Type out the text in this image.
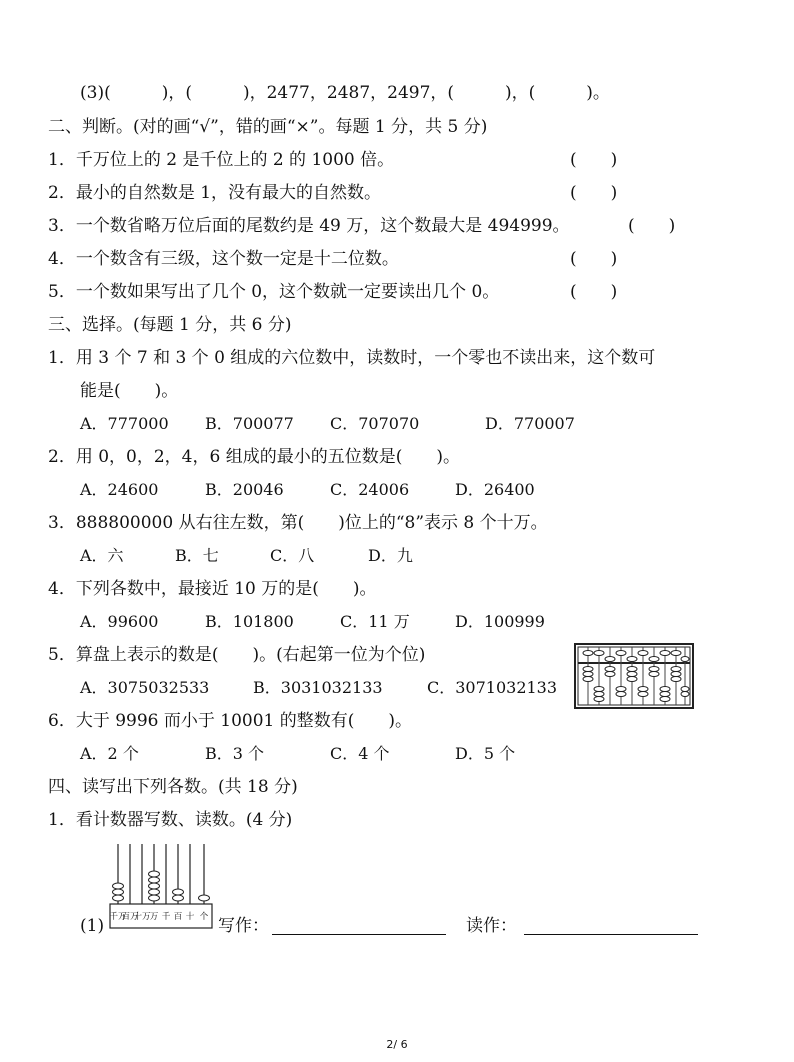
(3)(　　　)，(　　　)，2477，2487，2497，(　　　)，(　　　)。
二、判断。(对的画“√”，错的画“×”。每题 1 分，共 5 分)
1．千万位上的 2 是千位上的 2 的 1000 倍。	(　　)
2．最小的自然数是 1，没有最大的自然数。	(　　)
3．一个数省略万位后面的尾数约是 49 万，这个数最大是 494999。	(　　)
4．一个数含有三级，这个数一定是十二位数。	(　　)
5．一个数如果写出了几个 0，这个数就一定要读出几个 0。	(　　)
三、选择。(每题 1 分，共 6 分)
1．用 3 个 7 和 3 个 0 组成的六位数中，读数时，一个零也不读出来，这个数可
能是(　　)。
A．777000 B．700077 C．707070	D．770007
2．用 0，0，2，4，6 组成的最小的五位数是(　　)。
A．24600	B．20046	C．24006	D．26400
3．888800000 从右往左数，第(　　)位上的“8”表示 8 个十万。
A．六	B．七	C．八	D．九
4．下列各数中，最接近 10 万的是(　　)。
A．99600	B．101800	C．11 万	D．100999
5．算盘上表示的数是(　　)。(右起第一位为个位)
A．3075032533	B．3031032133	C．3071032133
6．大于 9996 而小于 10001 的整数有(　　)。
A．2 个	B．3 个	C．4 个	D．5 个
四、读写出下列各数。(共 18 分)
1．看计数器写数、读数。(4 分)
千万
百万
十万 万 千 百 十 个
(1)	写作：	读作：
2/ 6
